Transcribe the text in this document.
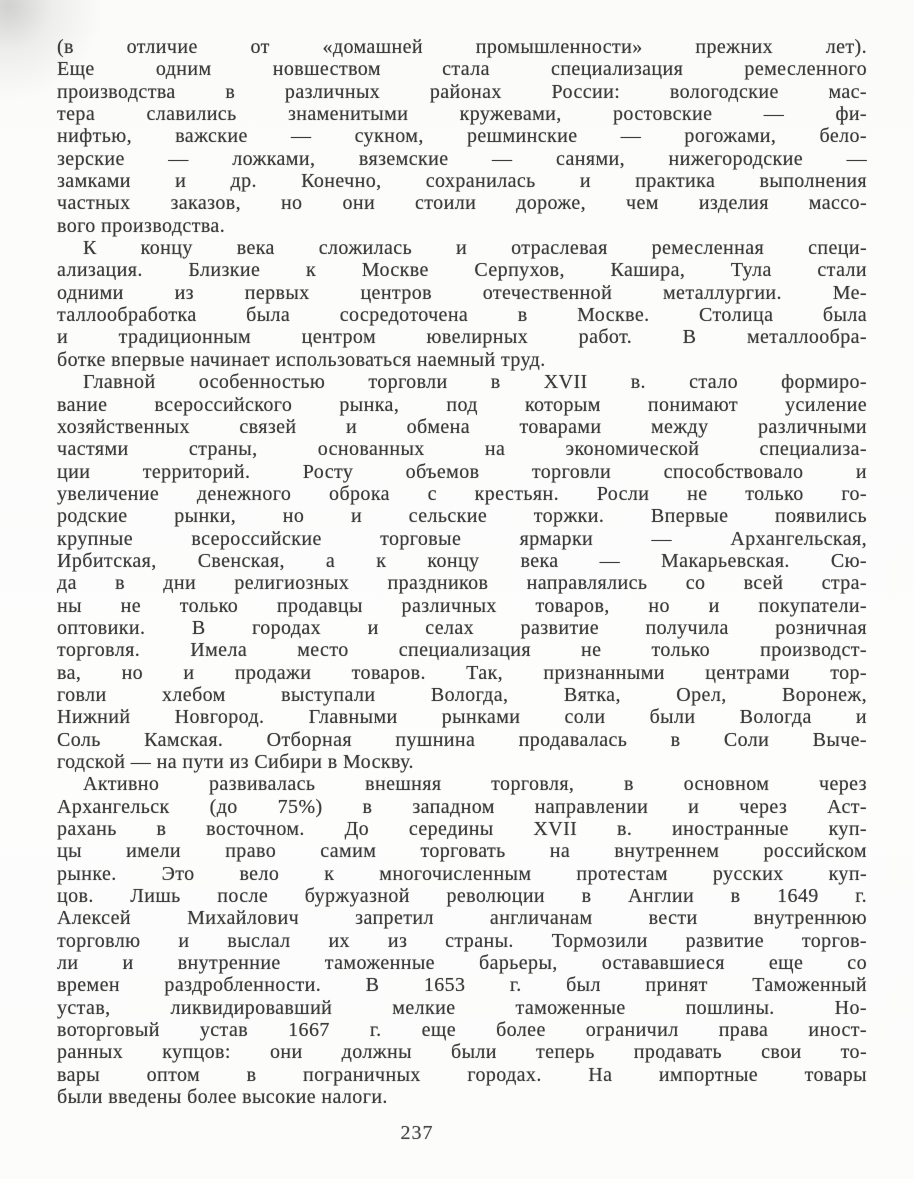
(в отличие от «домашней промышленности» прежних лет).
Еще одним новшеством стала специализация ремесленного
производства в различных районах России: вологодские мас-
тера славились знаменитыми кружевами, ростовские — фи-
нифтью, важские — сукном, решминские — рогожами, бело-
зерские — ложками, вяземские — санями, нижегородские —
замками и др. Конечно, сохранилась и практика выполнения
частных заказов, но они стоили дороже, чем изделия массо-
вого производства.

К концу века сложилась и отраслевая ремесленная специ-
ализация. Близкие к Москве Серпухов, Кашира, Тула стали
одними из первых центров отечественной металлургии. Ме-
таллообработка была сосредоточена в Москве. Столица была
и традиционным центром ювелирных работ. В металлообра-
ботке впервые начинает использоваться наемный труд.

Главной особенностью торговли в XVII в. стало формиро-
вание всероссийского рынка, под которым понимают усиление
хозяйственных связей и обмена товарами между различными
частями страны, основанных на экономической специализа-
ции территорий. Росту объемов торговли способствовало и
увеличение денежного оброка с крестьян. Росли не только го-
родские рынки, но и сельские торжки. Впервые появились
крупные всероссийские торговые ярмарки — Архангельская,
Ирбитская, Свенская, а к концу века — Макарьевская. Сю-
да в дни религиозных праздников направлялись со всей стра-
ны не только продавцы различных товаров, но и покупатели-
оптовики. В городах и селах развитие получила розничная
торговля. Имела место специализация не только производст-
ва, но и продажи товаров. Так, признанными центрами тор-
говли хлебом выступали Вологда, Вятка, Орел, Воронеж,
Нижний Новгород. Главными рынками соли были Вологда и
Соль Камская. Отборная пушнина продавалась в Соли Выче-
годской — на пути из Сибири в Москву.

Активно развивалась внешняя торговля, в основном через
Архангельск (до 75%) в западном направлении и через Аст-
рахань в восточном. До середины XVII в. иностранные куп-
цы имели право самим торговать на внутреннем российском
рынке. Это вело к многочисленным протестам русских куп-
цов. Лишь после буржуазной революции в Англии в 1649 г.
Алексей Михайлович запретил англичанам вести внутреннюю
торговлю и выслал их из страны. Тормозили развитие торгов-
ли и внутренние таможенные барьеры, остававшиеся еще со
времен раздробленности. В 1653 г. был принят Таможенный
устав, ликвидировавший мелкие таможенные пошлины. Но-
воторговый устав 1667 г. еще более ограничил права иност-
ранных купцов: они должны были теперь продавать свои то-
вары оптом в пограничных городах. На импортные товары
были введены более высокие налоги.

237
